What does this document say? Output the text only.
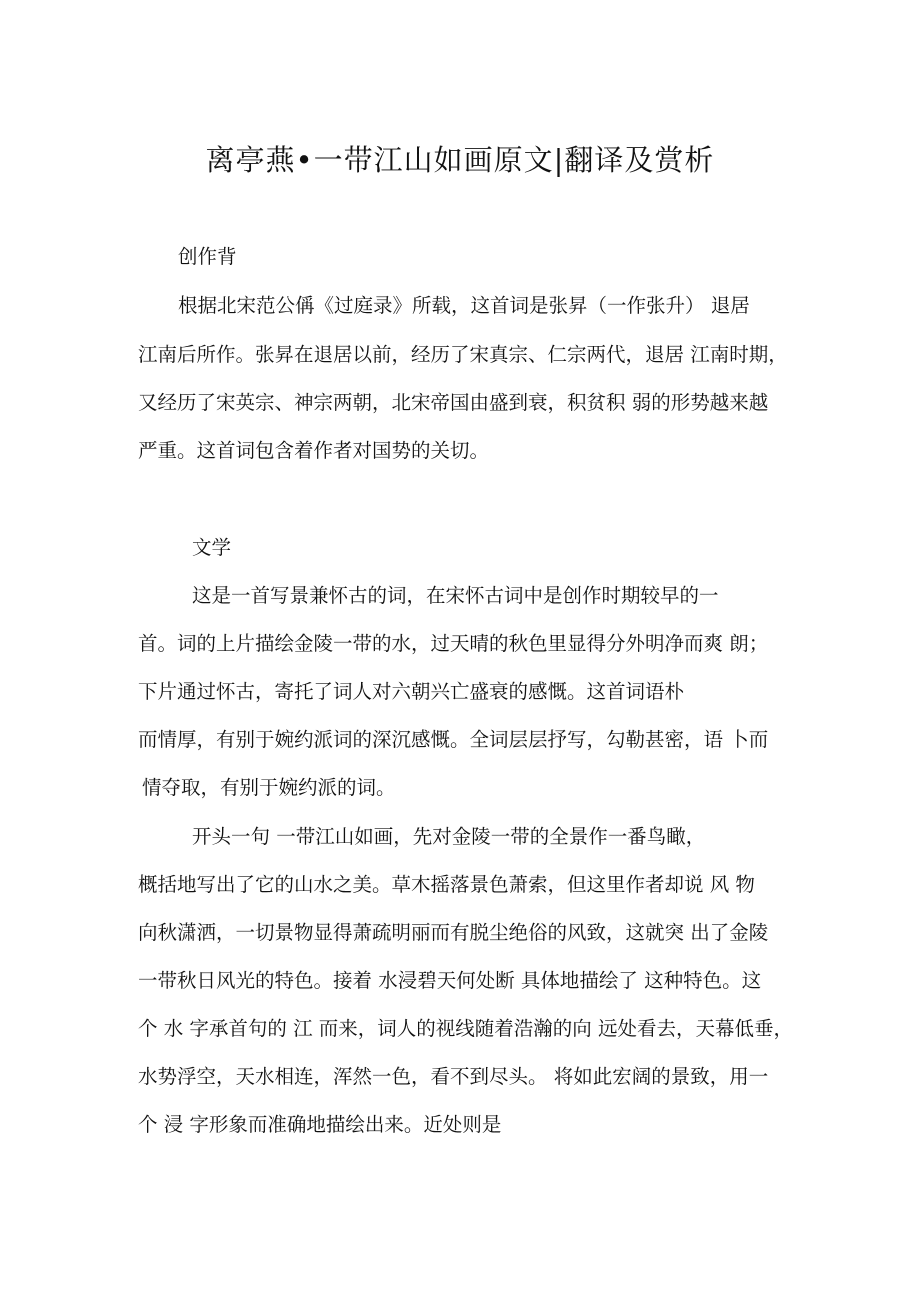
离亭燕•一带江山如画原文|翻译及赏析
创作背
根据北宋范公偁《过庭录》所载，这首词是张昇（一作张升） 退居
江南后所作。张昇在退居以前，经历了宋真宗、仁宗两代，退居 江南时期，
又经历了宋英宗、神宗两朝，北宋帝国由盛到衰，积贫积 弱的形势越来越
严重。这首词包含着作者对国势的关切。
文学
这是一首写景兼怀古的词，在宋怀古词中是创作时期较早的一
首。词的上片描绘金陵一带的水，过天晴的秋色里显得分外明净而爽 朗；
下片通过怀古，寄托了词人对六朝兴亡盛衰的感慨。这首词语朴
而情厚，有别于婉约派词的深沉感慨。全词层层抒写，勾勒甚密，语 卜而
情夺取，有别于婉约派的词。
开头一句 一带江山如画，先对金陵一带的全景作一番鸟瞰，
概括地写出了它的山水之美。草木摇落景色萧索，但这里作者却说 风 物
向秋潇洒，一切景物显得萧疏明丽而有脱尘绝俗的风致，这就突 出了金陵
一带秋日风光的特色。接着 水浸碧天何处断 具体地描绘了 这种特色。这
个 水 字承首句的 江 而来，词人的视线随着浩瀚的向 远处看去，天幕低垂，
水势浮空，天水相连，浑然一色，看不到尽头。 将如此宏阔的景致，用一
个 浸 字形象而准确地描绘出来。近处则是
